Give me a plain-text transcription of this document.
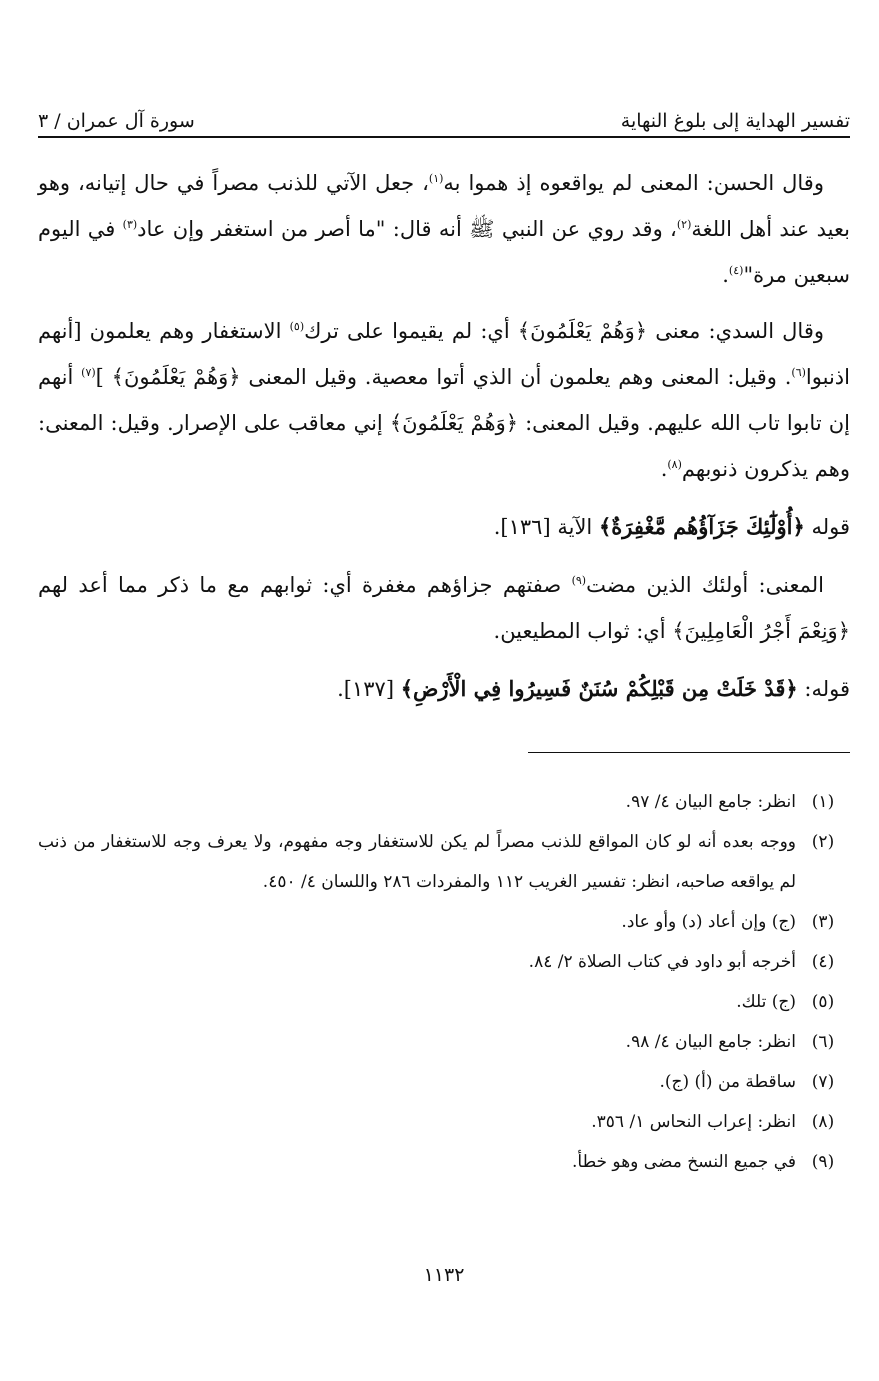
تفسير الهداية إلى بلوغ النهاية
سورة آل عمران / ٣

وقال الحسن: المعنى لم يواقعوه إذ هموا به$^{(١)}$، جعل الآتي للذنب مصراً في حال إتيانه، وهو بعيد عند أهل اللغة$^{(٢)}$، وقد روي عن النبي ﷺ أنه قال: "ما أصر من استغفر وإن عاد$^{(٣)}$ في اليوم سبعين مرة"$^{(٤)}$.

وقال السدي: معنى ﴿وَهُمْ يَعْلَمُونَ﴾ أي: لم يقيموا على ترك$^{(٥)}$ الاستغفار وهم يعلمون [أنهم اذنبوا$^{(٦)}$. وقيل: المعنى وهم يعلمون أن الذي أتوا معصية. وقيل المعنى ﴿وَهُمْ يَعْلَمُونَ﴾ ]$^{(٧)}$ أنهم إن تابوا تاب الله عليهم. وقيل المعنى: ﴿وَهُمْ يَعْلَمُونَ﴾ إني معاقب على الإصرار. وقيل: المعنى: وهم يذكرون ذنوبهم$^{(٨)}$.

قوله ﴿أُوْلَٰٓئِكَ جَزَآؤُهُم مَّغْفِرَةٌ﴾ الآية [١٣٦].

المعنى: أولئك الذين مضت$^{(٩)}$ صفتهم جزاؤهم مغفرة أي: ثوابهم مع ما ذكر مما أعد لهم ﴿وَنِعْمَ أَجْرُ الْعَامِلِينَ﴾ أي: ثواب المطيعين.

قوله: ﴿قَدْ خَلَتْ مِن قَبْلِكُمْ سُنَنٌ فَسِيرُوا فِي الْأَرْضِ﴾ [١٣٧].

(١)
انظر: جامع البيان ٤/ ٩٧.
(٢)
ووجه بعده أنه لو كان المواقع للذنب مصراً لم يكن للاستغفار وجه مفهوم، ولا يعرف وجه للاستغفار من ذنب لم يواقعه صاحبه، انظر: تفسير الغريب ١١٢ والمفردات ٢٨٦ واللسان ٤/ ٤٥٠.
(٣)
(ج) وإن أعاد (د) وأو عاد.
(٤)
أخرجه أبو داود في كتاب الصلاة ٢/ ٨٤.
(٥)
(ج) تلك.
(٦)
انظر: جامع البيان ٤/ ٩٨.
(٧)
ساقطة من (أ) (ج).
(٨)
انظر: إعراب النحاس ١/ ٣٥٦.
(٩)
في جميع النسخ مضى وهو خطأ.
١١٣٢
